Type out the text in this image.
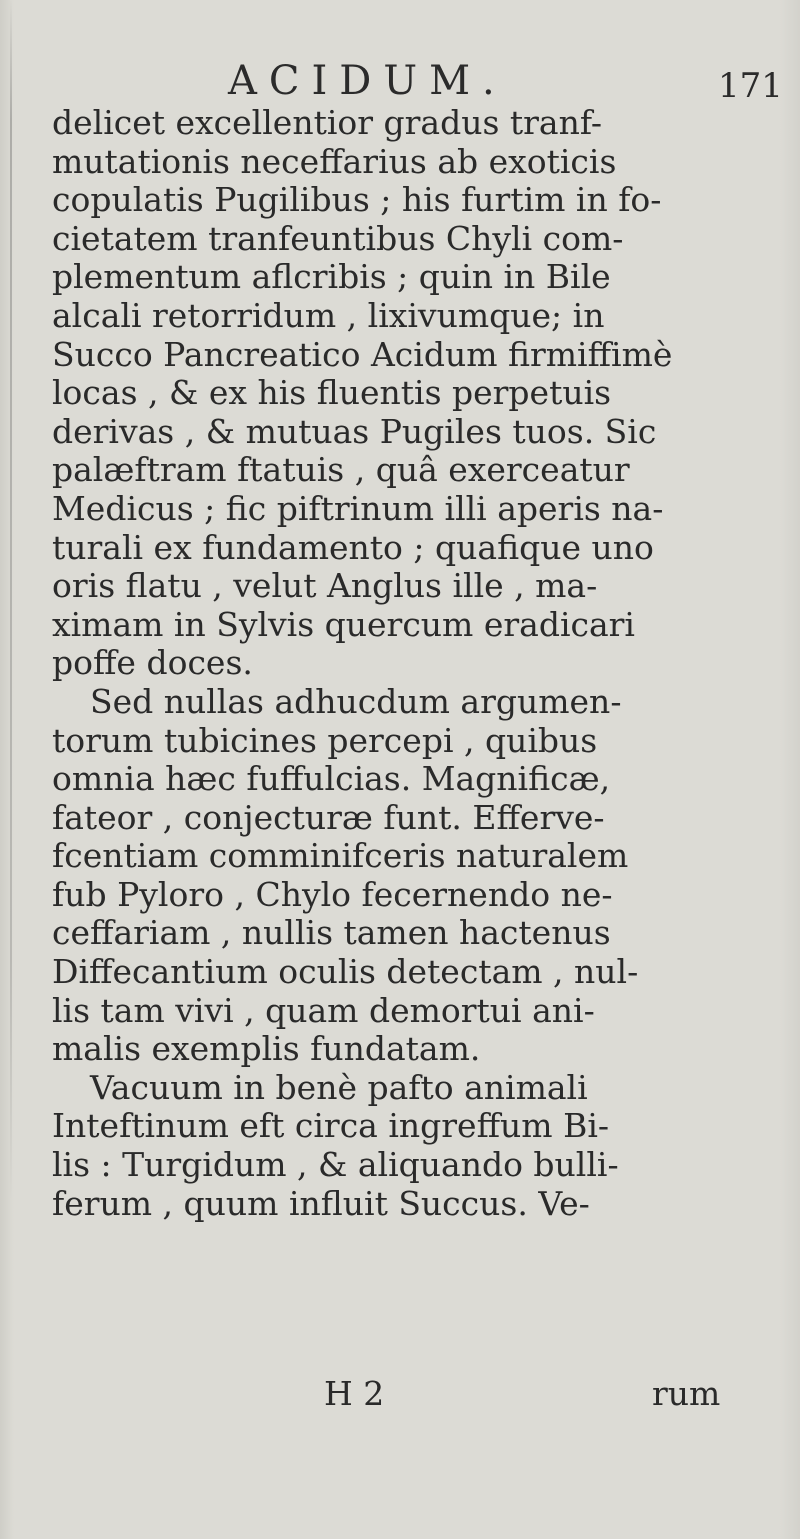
ACIDUM.	171
delicet excellentior gradus tranf-
mutationis neceffarius ab exoticis
copulatis Pugilibus ; his furtim in fo-
cietatem tranfeuntibus Chyli com-
plementum aflcribis ; quin in Bile
alcali retorridum , lixivumque; in
Succo Pancreatico Acidum firmiffimè
locas , & ex his fluentis perpetuis
derivas , & mutuas Pugiles tuos. Sic
palæftram ftatuis , quâ exerceatur
Medicus ; fic piftrinum illi aperis na-
turali ex fundamento ; quafique uno
oris flatu , velut Anglus ille , ma-
ximam in Sylvis quercum eradicari
poffe doces.
Sed nullas adhucdum argumen-
torum tubicines percepi , quibus
omnia hæc fuffulcias. Magnificæ,
fateor , conjecturæ funt. Efferve-
fcentiam comminifceris naturalem
fub Pyloro , Chylo fecernendo ne-
ceffariam , nullis tamen hactenus
Diffecantium oculis detectam , nul-
lis tam vivi , quam demortui ani-
malis exemplis fundatam.
Vacuum in benè pafto animali
Inteftinum eft circa ingreffum Bi-
lis : Turgidum , & aliquando bulli-
ferum , quum influit Succus. Ve-
H 2	rum
